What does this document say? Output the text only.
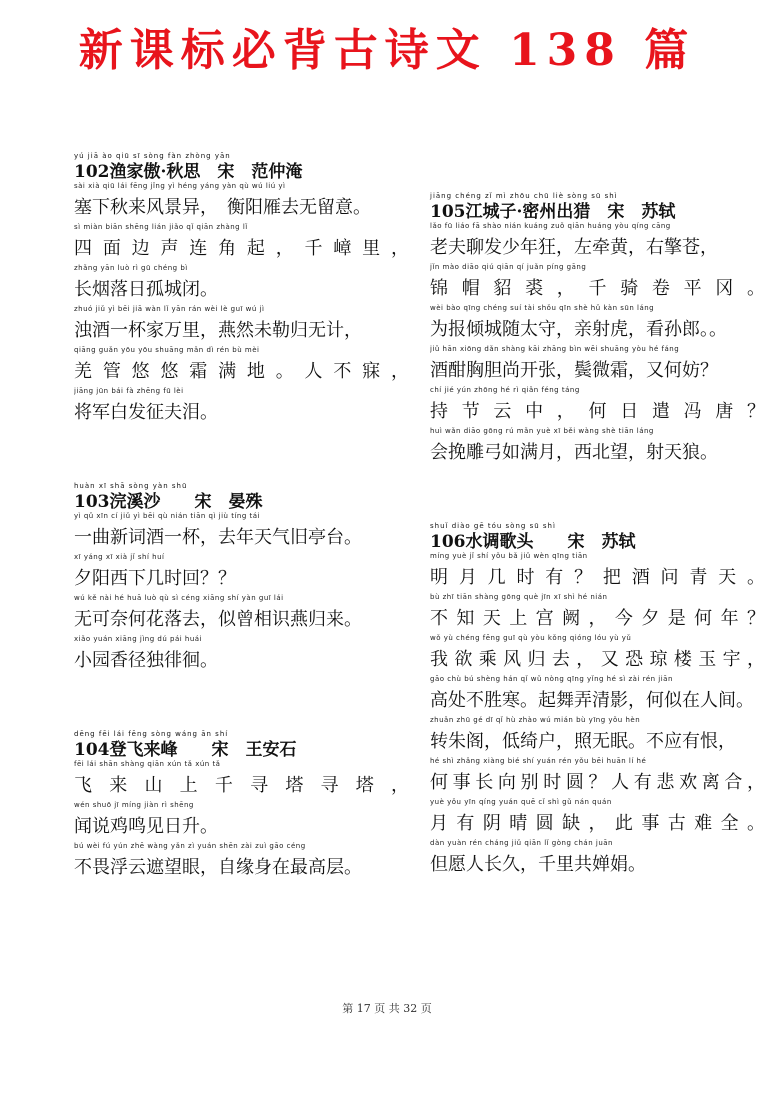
新课标必背古诗文 138 篇
yú jiā ào qiū sī sòng fàn zhòng yān
102渔家傲·秋思　宋　范仲淹
sài xià qiū lái fēng jǐng yì héng yáng yàn qù wú liú yì
塞下秋来风景异，　衡阳雁去无留意。
sì miàn biān shēng lián jiǎo qǐ qiān zhàng lǐ
四面边声连角起，千嶂里，
zhǎng yān luò rì gū chéng bì
长烟落日孤城闭。
zhuó jiǔ yì bēi jiā wàn lǐ yān rán wèi lè guī wú jì
浊酒一杯家万里，燕然未勒归无计，
qiāng guǎn yōu yōu shuāng mǎn dì rén bù mèi
羌管悠悠霜满地。人不寐，
jiāng jūn bái fà zhēng fū lèi
将军白发征夫泪。
huàn xī shā sòng yàn shū
103浣溪沙　　宋　晏殊
yì qǔ xīn cí jiǔ yì bēi qù nián tiān qì jiù tíng tái
一曲新词酒一杯，去年天气旧亭台。
xī yáng xī xià jǐ shí huí
夕阳西下几时回？？
wú kě nài hé huā luò qù sì céng xiāng shí yàn guī lái
无可奈何花落去，似曾相识燕归来。
xiǎo yuán xiāng jìng dú pái huái
小园香径独徘徊。
dēng fēi lái fēng sòng wáng ān shí
104登飞来峰　　宋　王安石
fēi lái shān shàng qiān xún tǎ xún tǎ
飞来山上千寻塔寻塔，
wén shuō jī míng jiàn rì shēng
闻说鸡鸣见日升。
bú wèi fú yún zhē wàng yǎn zì yuán shēn zài zuì gāo céng
不畏浮云遮望眼，自缘身在最高层。
jiāng chéng zǐ mì zhōu chū liè sòng sū shì
105江城子·密州出猎　宋　苏轼
lǎo fū liáo fā shào nián kuáng zuǒ qiān huáng yòu qíng cāng
老夫聊发少年狂，左牵黄，右擎苍，
jǐn mào diāo qiú qiān qí juǎn píng gāng
锦帽貂裘，千骑卷平冈。
wèi bào qīng chéng suí tài shǒu qīn shè hǔ kàn sūn láng
为报倾城随太守，亲射虎，看孙郎。。
jiǔ hān xiōng dǎn shàng kāi zhāng bìn wēi shuāng yòu hé fáng
酒酣胸胆尚开张，鬓微霜，又何妨？
chí jié yún zhōng hé rì qiǎn féng táng
持节云中，何日遣冯唐？
huì wǎn diāo gōng rú mǎn yuè xī běi wàng shè tiān láng
会挽雕弓如满月，西北望，射天狼。
shuǐ diào gē tóu sòng sū shì
106水调歌头　　宋　苏轼
míng yuè jǐ shí yǒu bǎ jiǔ wèn qīng tiān
明月几时有？把酒问青天。
bù zhī tiān shàng gōng què jīn xī shì hé nián
不知天上宫阙，今夕是何年？
wǒ yù chéng fēng guī qù yòu kǒng qióng lóu yù yǔ
我欲乘风归去，又恐琼楼玉宇，
gāo chù bú shèng hán qǐ wǔ nòng qīng yǐng hé sì zài rén jiān
高处不胜寒。起舞弄清影，何似在人间。
zhuǎn zhū gé dī qǐ hù zhào wú mián bù yīng yǒu hèn
转朱阁，低绮户，照无眠。不应有恨，
hé shì zhǎng xiàng bié shí yuán rén yǒu bēi huān lí hé
何事长向别时圆？人有悲欢离合，
yuè yǒu yīn qíng yuán quē cǐ shì gǔ nán quán
月有阴晴圆缺，此事古难全。
dàn yuàn rén cháng jiǔ qiān lǐ gòng chán juān
但愿人长久，千里共婵娟。
第 17 页 共 32 页
